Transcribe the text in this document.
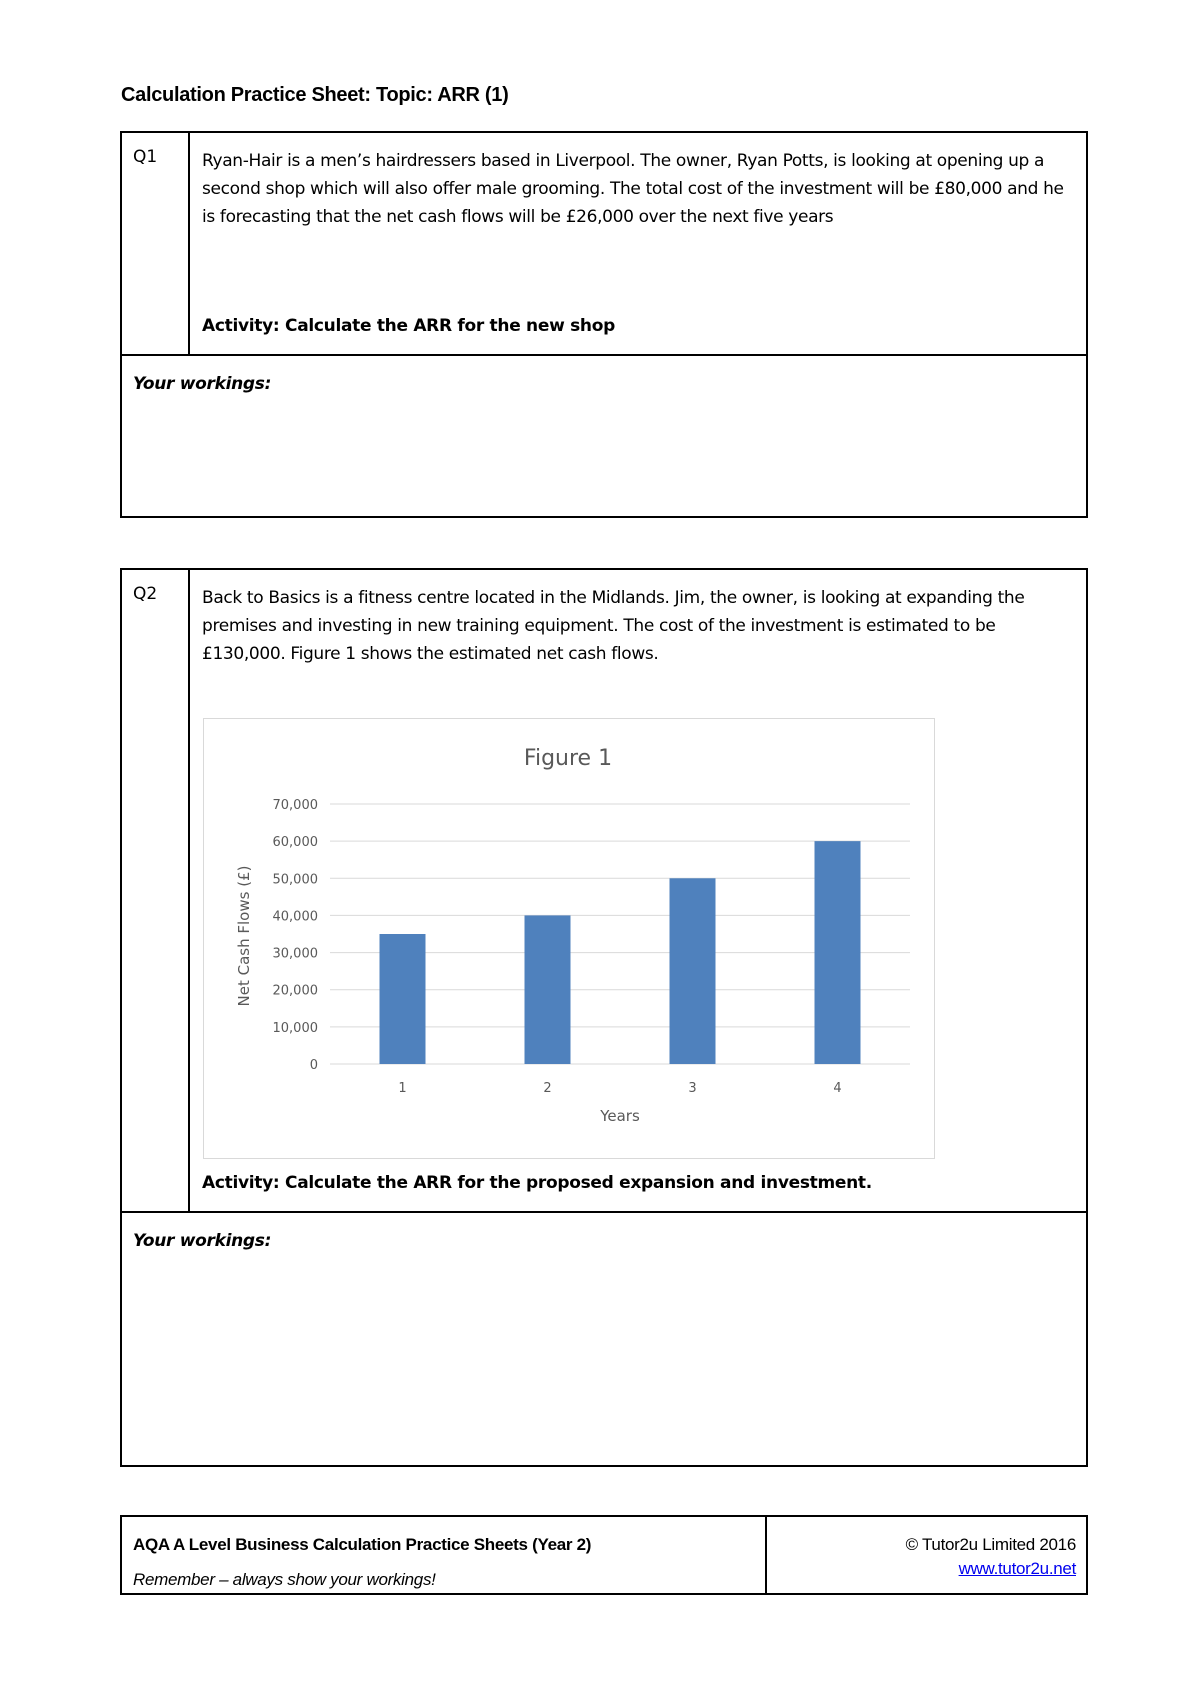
Calculation Practice Sheet: Topic: ARR (1)
Q1	Ryan-Hair is a men’s hairdressers based in Liverpool. The owner, Ryan Potts, is looking at opening up a second shop which will also offer male grooming. The total cost of the investment will be £80,000 and he is forecasting that the net cash flows will be £26,000 over the next five years
Activity: Calculate the ARR for the new shop
Your workings:
Q2	Back to Basics is a fitness centre located in the Midlands. Jim, the owner, is looking at expanding the premises and investing in new training equipment. The cost of the investment is estimated to be £130,000. Figure 1 shows the estimated net cash flows.
0
10,000
20,000
30,000
40,000
50,000
60,000
70,000
1	2	3	4
Figure 1
Years
Net Cash Flows (£)
Activity: Calculate the ARR for the proposed expansion and investment.
Your workings:
AQA A Level Business Calculation Practice Sheets (Year 2)
Remember – always show your workings!
© Tutor2u Limited 2016
www.tutor2u.net
